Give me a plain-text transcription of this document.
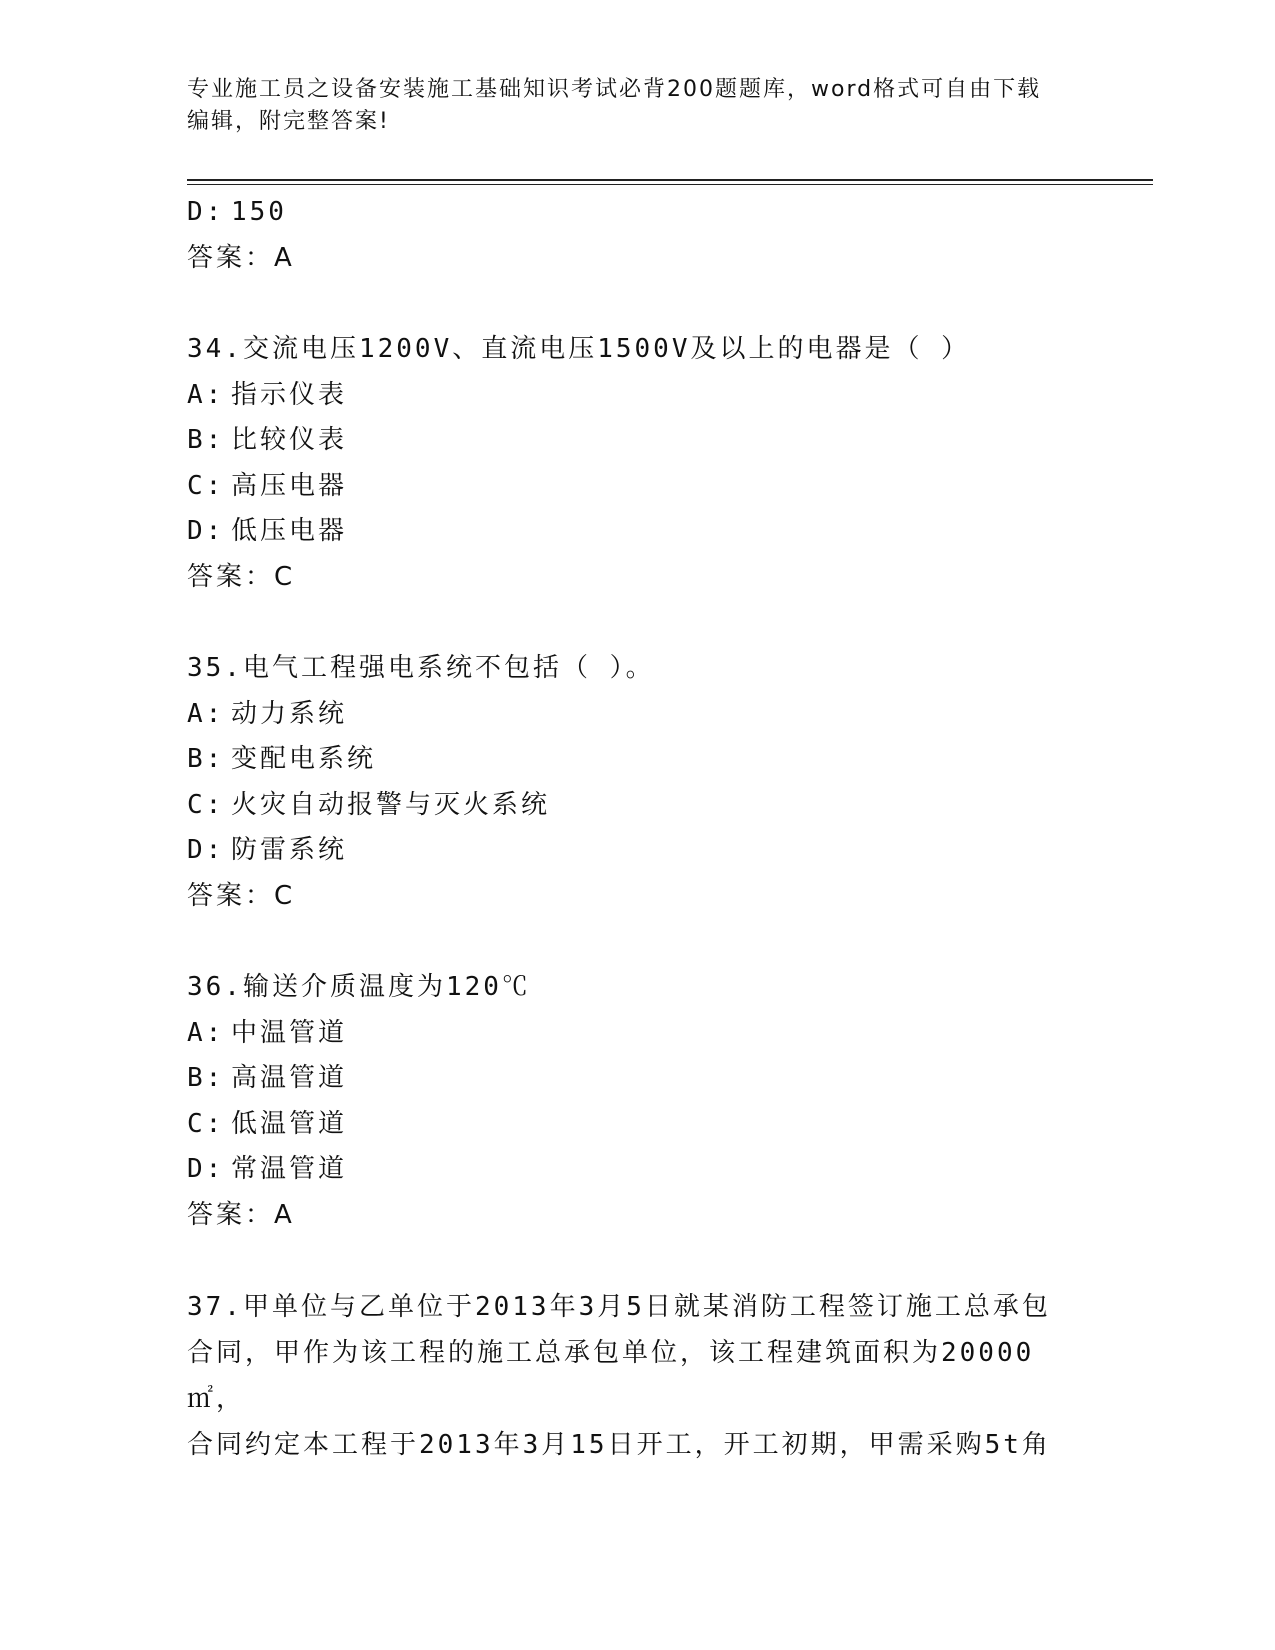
专业施工员之设备安装施工基础知识考试必背200题题库，word格式可自由下载
编辑，附完整答案!
D: 150
答案：A
34.交流电压1200V、直流电压1500V及以上的电器是（ ）
A: 指示仪表
B: 比较仪表
C: 高压电器
D: 低压电器
答案：C
35.电气工程强电系统不包括（ ）。
A: 动力系统
B: 变配电系统
C: 火灾自动报警与灭火系统
D: 防雷系统
答案：C
36.输送介质温度为120℃
A: 中温管道
B: 高温管道
C: 低温管道
D: 常温管道
答案：A
37.甲单位与乙单位于2013年3月5日就某消防工程签订施工总承包
合同，甲作为该工程的施工总承包单位，该工程建筑面积为20000㎡，
合同约定本工程于2013年3月15日开工，开工初期，甲需采购5t角
